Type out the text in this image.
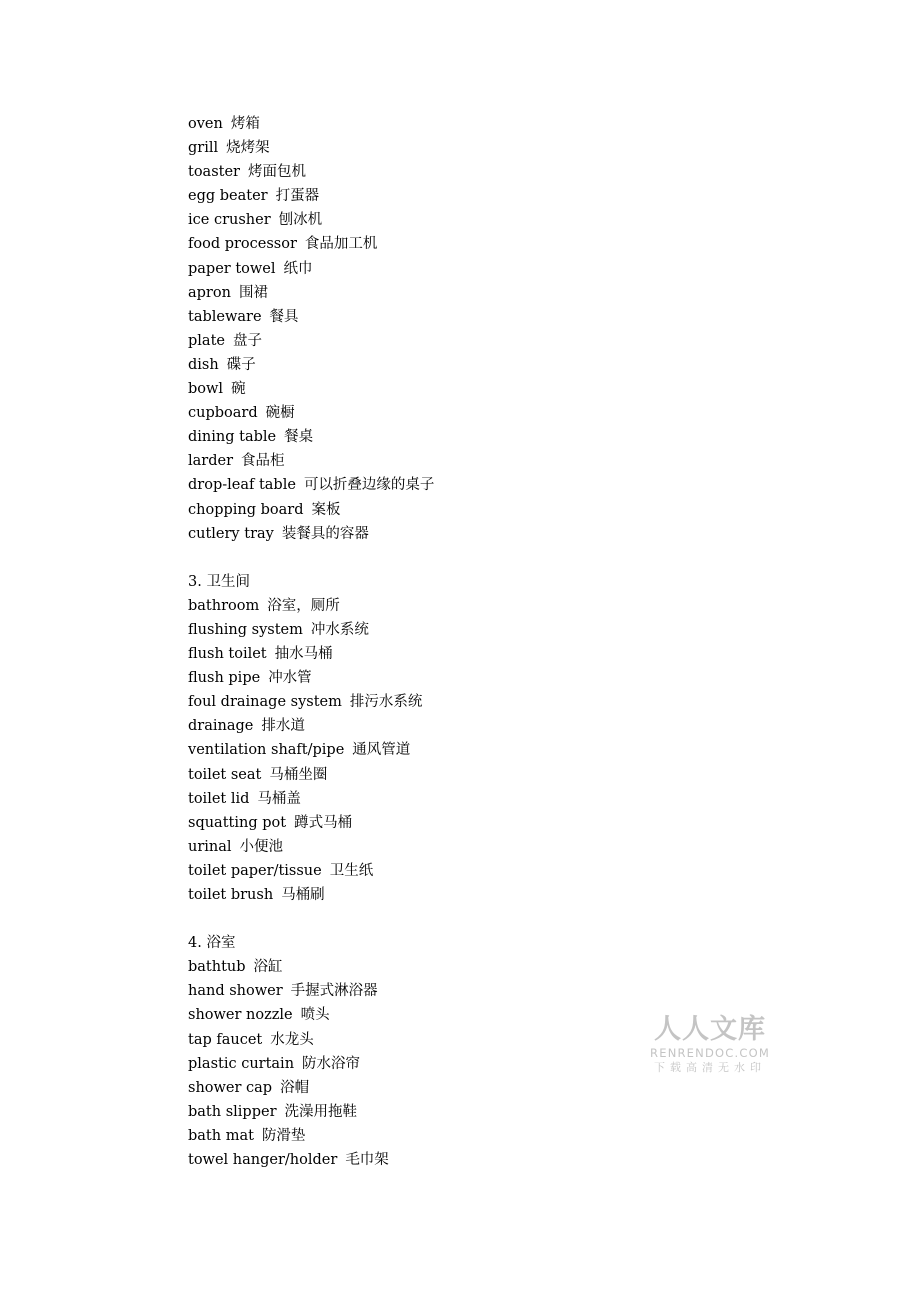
oven 烤箱
grill 烧烤架
toaster 烤面包机
egg beater 打蛋器
ice crusher 刨冰机
food processor 食品加工机
paper towel 纸巾
apron 围裙
tableware 餐具
plate 盘子
dish 碟子
bowl 碗
cupboard 碗橱
dining table 餐桌
larder 食品柜
drop-leaf table 可以折叠边缘的桌子
chopping board 案板
cutlery tray 装餐具的容器
3. 卫生间
bathroom 浴室，厕所
flushing system 冲水系统
flush toilet 抽水马桶
flush pipe 冲水管
foul drainage system 排污水系统
drainage 排水道
ventilation shaft/pipe 通风管道
toilet seat 马桶坐圈
toilet lid 马桶盖
squatting pot 蹲式马桶
urinal 小便池
toilet paper/tissue 卫生纸
toilet brush 马桶刷
4. 浴室
bathtub 浴缸
hand shower 手握式淋浴器
shower nozzle 喷头
tap faucet 水龙头
plastic curtain 防水浴帘
shower cap 浴帽
bath slipper 洗澡用拖鞋
bath mat 防滑垫
towel hanger/holder 毛巾架
人人文库
RENRENDOC.COM
下载高清无水印
